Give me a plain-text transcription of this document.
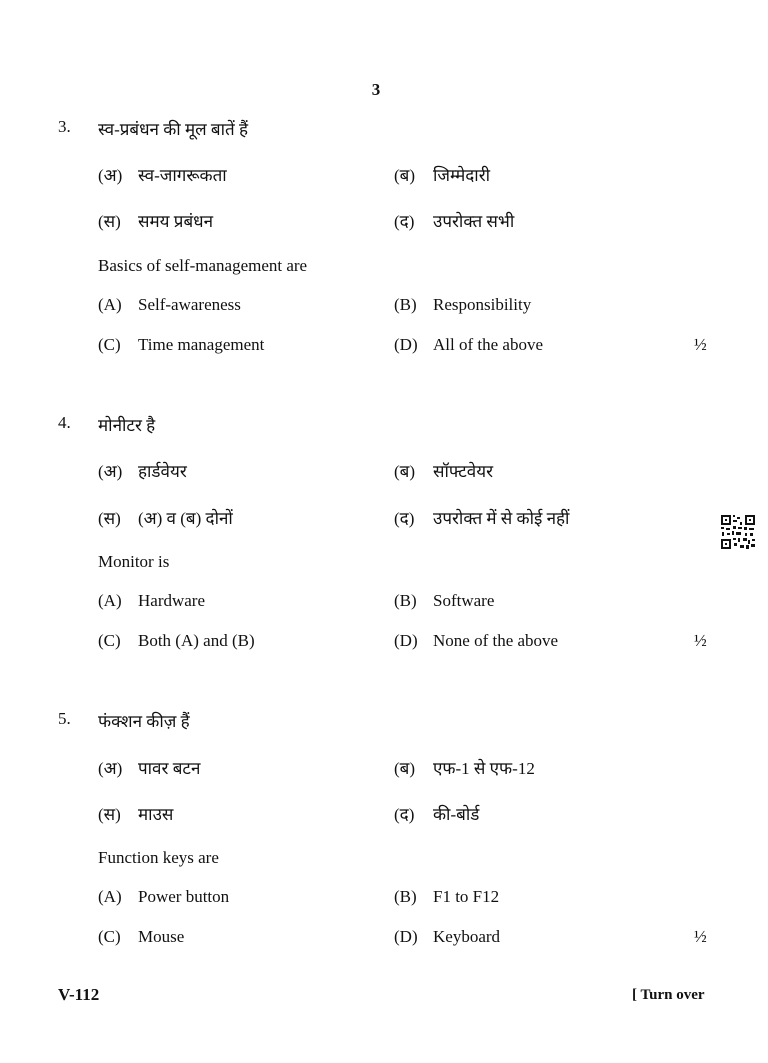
3
3. स्व-प्रबंधन की मूल बातें हैं
(अ) स्व-जागरूकता	(ब) जिम्मेदारी
(स) समय प्रबंधन	(द) उपरोक्त सभी
Basics of self-management are
(A) Self-awareness	(B) Responsibility
(C) Time management	(D) All of the above	½
4. मोनीटर है
(अ) हार्डवेयर	(ब) सॉफ्टवेयर
(स) (अ) व (ब) दोनों	(द) उपरोक्त में से कोई नहीं
Monitor is
(A) Hardware	(B) Software
(C) Both (A) and (B)	(D) None of the above	½
5. फंक्शन कीज़ हैं
(अ) पावर बटन	(ब) एफ-1 से एफ-12
(स) माउस	(द) की-बोर्ड
Function keys are
(A) Power button	(B) F1 to F12
(C) Mouse	(D) Keyboard	½
V-112	[ Turn over
